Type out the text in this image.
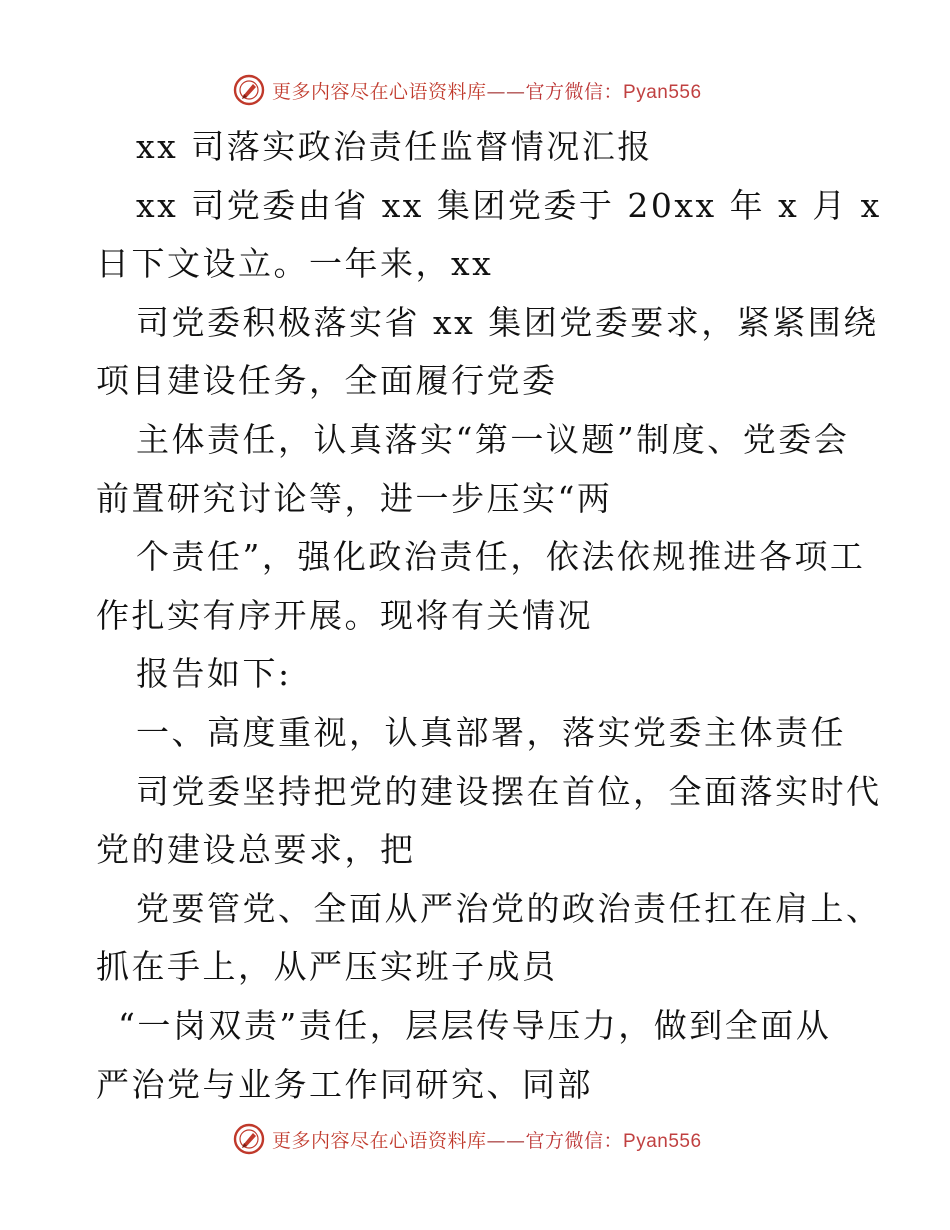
更多内容尽在心语资料库——官方微信：Pyan556
xx 司落实政治责任监督情况汇报
xx 司党委由省 xx 集团党委于 20xx 年 x 月 x
日下文设立。一年来，xx
司党委积极落实省 xx 集团党委要求，紧紧围绕
项目建设任务，全面履行党委
主体责任，认真落实“第一议题”制度、党委会
前置研究讨论等，进一步压实“两
个责任”，强化政治责任，依法依规推进各项工
作扎实有序开展。现将有关情况
报告如下:
一、高度重视，认真部署，落实党委主体责任
司党委坚持把党的建设摆在首位，全面落实时代
党的建设总要求，把
党要管党、全面从严治党的政治责任扛在肩上、
抓在手上，从严压实班子成员
“一岗双责”责任，层层传导压力，做到全面从
严治党与业务工作同研究、同部
更多内容尽在心语资料库——官方微信：Pyan556
